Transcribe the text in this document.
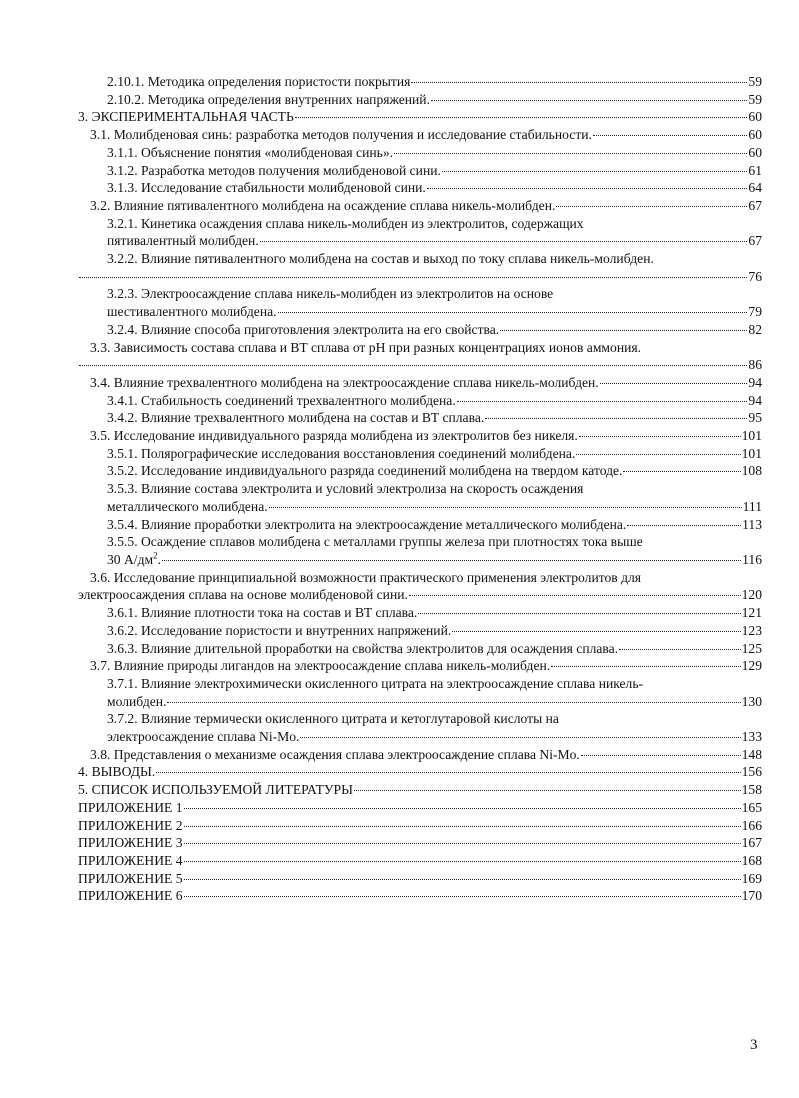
2.10.1. Методика определения пористости покрытия	59
2.10.2. Методика определения внутренних напряжений.	59
3. ЭКСПЕРИМЕНТАЛЬНАЯ ЧАСТЬ	60
3.1. Молибденовая синь: разработка методов получения и исследование стабильности.	60
3.1.1. Объяснение понятия «молибденовая синь».	60
3.1.2. Разработка методов получения молибденовой сини.	61
3.1.3. Исследование стабильности молибденовой сини.	64
3.2. Влияние пятивалентного молибдена на осаждение сплава никель-молибден.	67
3.2.1. Кинетика осаждения сплава никель-молибден из электролитов, содержащих
пятивалентный молибден.	67
3.2.2. Влияние пятивалентного молибдена на состав и выход по току сплава никель-молибден.
76
3.2.3. Электроосаждение сплава никель-молибден из электролитов на основе
шестивалентного молибдена.	79
3.2.4. Влияние способа приготовления электролита на его свойства.	82
3.3. Зависимость состава сплава и ВТ сплава от pH при разных концентрациях ионов аммония.
86
3.4. Влияние трехвалентного молибдена на электроосаждение сплава никель-молибден.	94
3.4.1. Стабильность соединений трехвалентного молибдена.	94
3.4.2. Влияние трехвалентного молибдена на состав и ВТ сплава.	95
3.5. Исследование индивидуального разряда молибдена из электролитов без никеля.	101
3.5.1. Полярографические исследования восстановления соединений молибдена.	101
3.5.2. Исследование индивидуального разряда соединений молибдена на твердом катоде.	108
3.5.3. Влияние состава электролита и условий электролиза на скорость осаждения
металлического молибдена.	111
3.5.4. Влияние проработки электролита на электроосаждение металлического молибдена.	113
3.5.5. Осаждение сплавов молибдена с металлами группы железа при плотностях тока выше
30 $А/дм^2$.	116
3.6. Исследование принципиальной возможности практического применения электролитов для
электроосаждения сплава на основе молибденовой сини.	120
3.6.1. Влияние плотности тока на состав и ВТ сплава.	121
3.6.2. Исследование пористости и внутренних напряжений.	123
3.6.3. Влияние длительной проработки на свойства электролитов для осаждения сплава.	125
3.7. Влияние природы лигандов на электроосаждение сплава никель-молибден.	129
3.7.1. Влияние электрохимически окисленного цитрата на электроосаждение сплава никель-
молибден.	130
3.7.2. Влияние термически окисленного цитрата и кетоглутаровой кислоты на
электроосаждение сплава Ni-Mo.	133
3.8. Представления о механизме осаждения сплава электроосаждение сплава Ni-Mo.	148
4. ВЫВОДЫ.	156
5. СПИСОК ИСПОЛЬЗУЕМОЙ ЛИТЕРАТУРЫ	158
ПРИЛОЖЕНИЕ 1	165
ПРИЛОЖЕНИЕ 2	166
ПРИЛОЖЕНИЕ 3	167
ПРИЛОЖЕНИЕ 4	168
ПРИЛОЖЕНИЕ 5	169
ПРИЛОЖЕНИЕ 6	170
3
